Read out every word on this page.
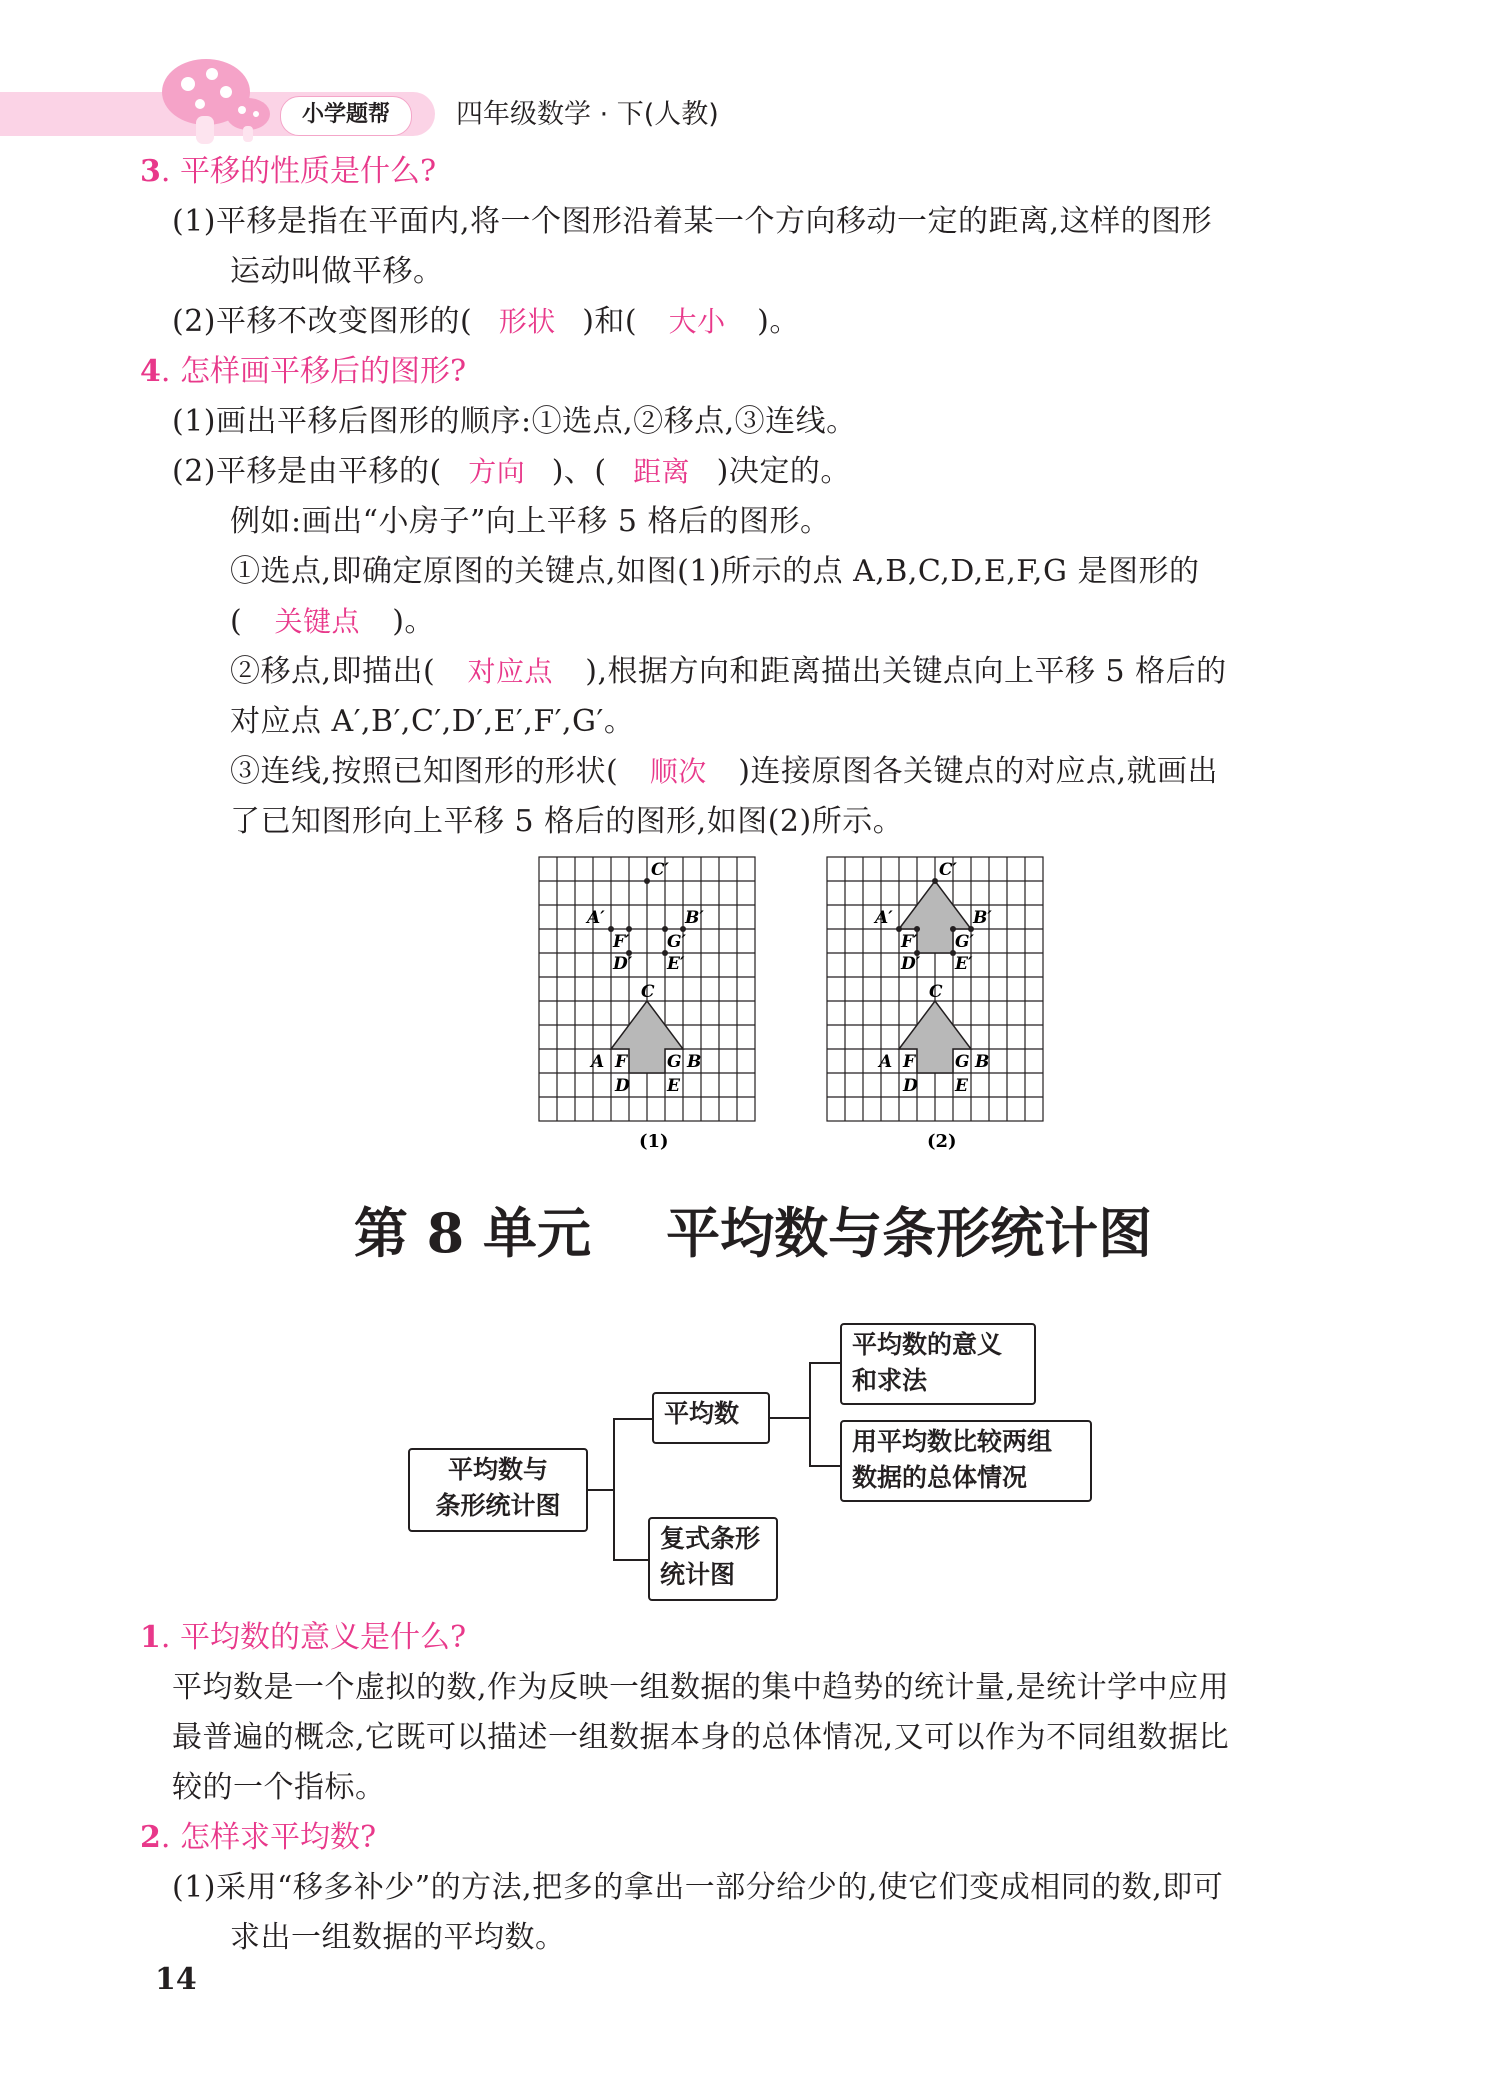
小学题帮	四年级数学 · 下(人教)
3. 平移的性质是什么?
(1)平移是指在平面内,将一个图形沿着某一个方向移动一定的距离,这样的图形
运动叫做平移。
(2)平移不改变图形的( 形状 )和( 大小 )。
4. 怎样画平移后的图形?
(1)画出平移后图形的顺序:①选点,②移点,③连线。
(2)平移是由平移的( 方向 )、( 距离 )决定的。
例如:画出“小房子”向上平移 5 格后的图形。
①选点,即确定原图的关键点,如图(1)所示的点 A,B,C,D,E,F,G 是图形的
( 关键点 )。
②移点,即描出( 对应点 ),根据方向和距离描出关键点向上平移 5 格后的
对应点 A′,B′,C′,D′,E′,F′,G′。
③连线,按照已知图形的形状( 顺次 )连接原图各关键点的对应点,就画出
了已知图形向上平移 5 格后的图形,如图(2)所示。
C′
A′	B′
F′ G′
D′ E′
C
A F G B
D E
(1)
C′
A′	B′
F′ G′
D′ E′
C
A F G B
D E
(2)
第 8 单元    平均数与条形统计图
平均数与
条形统计图
平均数
平均数的意义
和求法
用平均数比较两组
数据的总体情况
复式条形
统计图
1. 平均数的意义是什么?
平均数是一个虚拟的数,作为反映一组数据的集中趋势的统计量,是统计学中应用
最普遍的概念,它既可以描述一组数据本身的总体情况,又可以作为不同组数据比
较的一个指标。
2. 怎样求平均数?
(1)采用“移多补少”的方法,把多的拿出一部分给少的,使它们变成相同的数,即可
求出一组数据的平均数。
14
